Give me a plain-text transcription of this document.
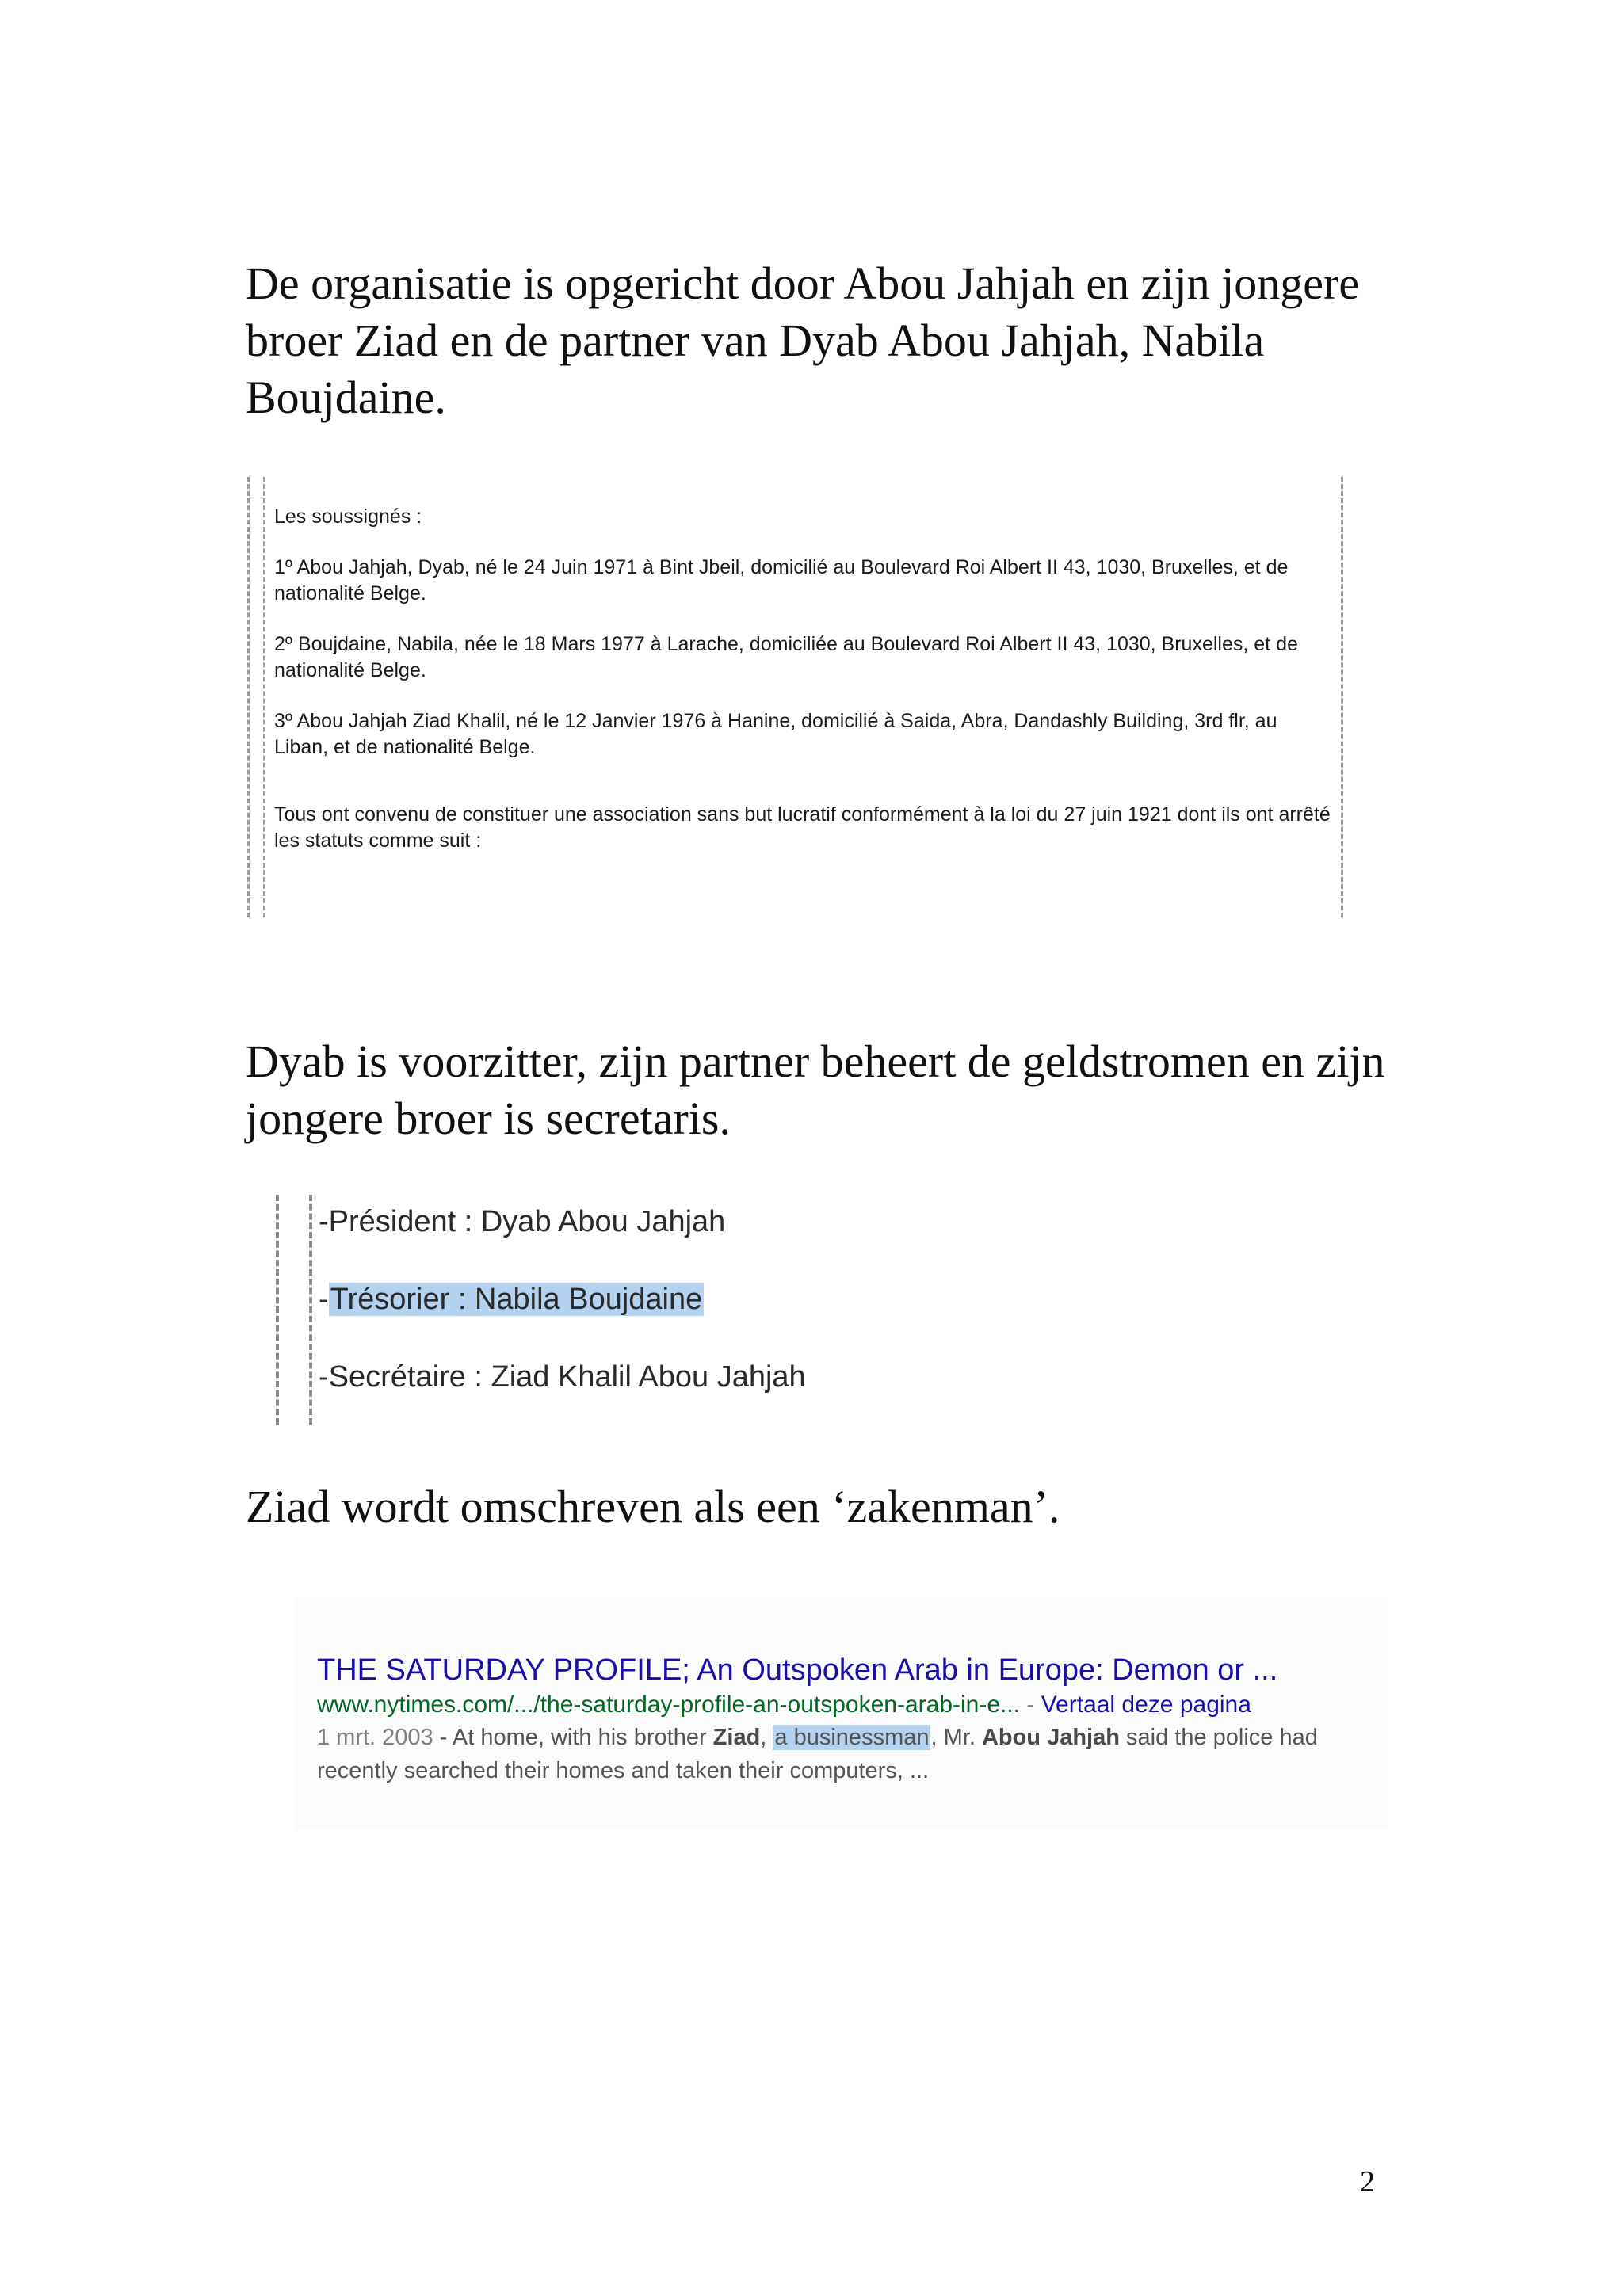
De organisatie is opgericht door Abou Jahjah en zijn jongere broer Ziad en de partner van Dyab Abou Jahjah, Nabila Boujdaine.

Les soussignés :

1º Abou Jahjah, Dyab, né le 24 Juin 1971 à Bint Jbeil, domicilié au Boulevard Roi Albert II 43, 1030, Bruxelles, et de nationalité Belge.

2º Boujdaine, Nabila, née le 18 Mars 1977 à Larache, domiciliée au Boulevard Roi Albert II 43, 1030, Bruxelles, et de nationalité Belge.

3º Abou Jahjah Ziad Khalil, né le 12 Janvier 1976 à Hanine, domicilié à Saida, Abra, Dandashly Building, 3rd flr, au Liban, et de nationalité Belge.

Tous ont convenu de constituer une association sans but lucratif conformément à la loi du 27 juin 1921 dont ils ont arrêté les statuts comme suit :

Dyab is voorzitter, zijn partner beheert de geldstromen en zijn jongere broer is secretaris.

-Président : Dyab Abou Jahjah
-Trésorier : Nabila Boujdaine
-Secrétaire : Ziad Khalil Abou Jahjah

Ziad wordt omschreven als een ‘zakenman’.

THE SATURDAY PROFILE; An Outspoken Arab in Europe: Demon or ...
www.nytimes.com/.../the-saturday-profile-an-outspoken-arab-in-e... - Vertaal deze pagina
1 mrt. 2003 - At home, with his brother Ziad, a businessman, Mr. Abou Jahjah said the police had recently searched their homes and taken their computers, ...
2
